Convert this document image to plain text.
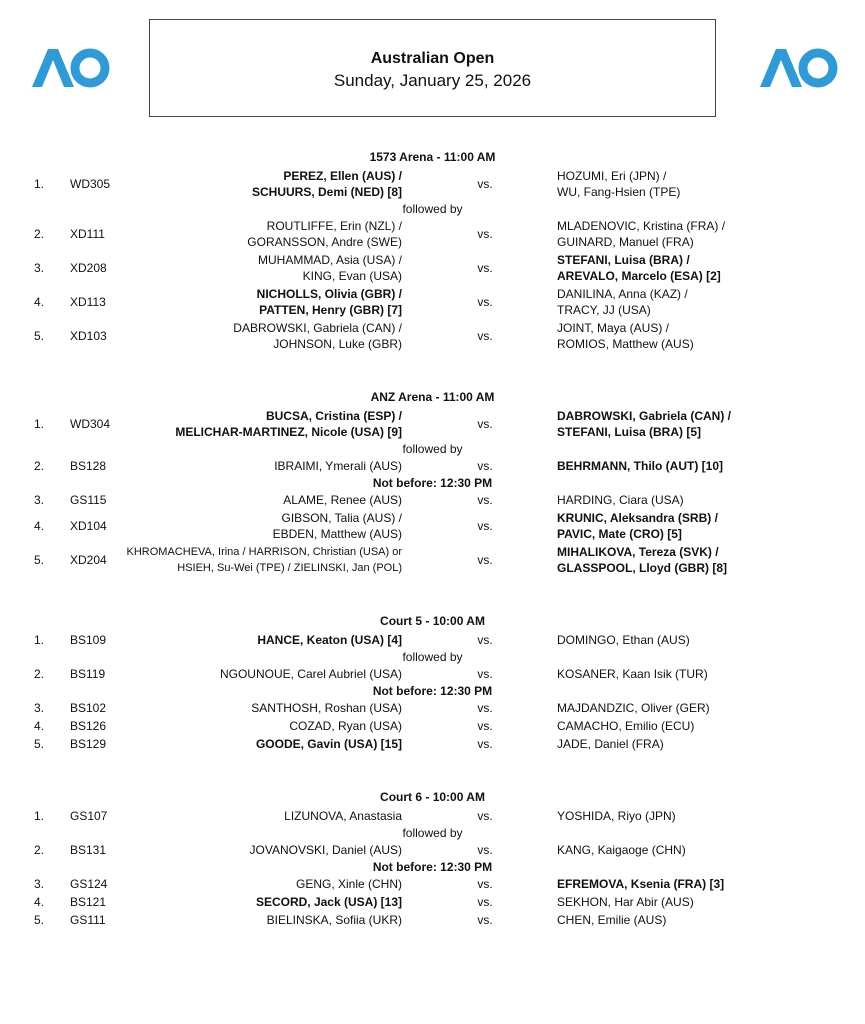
Australian Open
Sunday, January 25, 2026
1573 Arena - 11:00 AM
1.	WD305
PEREZ, Ellen (AUS) /
SCHUURS, Demi (NED) [8]
vs.
HOZUMI, Eri (JPN) /
WU, Fang-Hsien (TPE)
followed by
2.	XD111
ROUTLIFFE, Erin (NZL) /
GORANSSON, Andre (SWE)
vs.
MLADENOVIC, Kristina (FRA) /
GUINARD, Manuel (FRA)
3.	XD208
MUHAMMAD, Asia (USA) /
KING, Evan (USA)
vs.
STEFANI, Luisa (BRA) /
AREVALO, Marcelo (ESA) [2]
4.	XD113
NICHOLLS, Olivia (GBR) /
PATTEN, Henry (GBR) [7]
vs.
DANILINA, Anna (KAZ) /
TRACY, JJ (USA)
5.	XD103
DABROWSKI, Gabriela (CAN) /
JOHNSON, Luke (GBR)
vs.
JOINT, Maya (AUS) /
ROMIOS, Matthew (AUS)
ANZ Arena - 11:00 AM
1.	WD304
BUCSA, Cristina (ESP) /
MELICHAR-MARTINEZ, Nicole (USA) [9]
vs.
DABROWSKI, Gabriela (CAN) /
STEFANI, Luisa (BRA) [5]
followed by
2.	BS128	IBRAIMI, Ymerali (AUS)	vs.	BEHRMANN, Thilo (AUT) [10]
Not before: 12:30 PM
3.	GS115	ALAME, Renee (AUS)	vs.	HARDING, Ciara (USA)
4.	XD104
GIBSON, Talia (AUS) /
EBDEN, Matthew (AUS)
vs.
KRUNIC, Aleksandra (SRB) /
PAVIC, Mate (CRO) [5]
5.	XD204
KHROMACHEVA, Irina / HARRISON, Christian (USA) or
HSIEH, Su-Wei (TPE) / ZIELINSKI, Jan (POL)
vs.
MIHALIKOVA, Tereza (SVK) /
GLASSPOOL, Lloyd (GBR) [8]
Court 5 - 10:00 AM
1.	BS109	HANCE, Keaton (USA) [4]	vs.	DOMINGO, Ethan (AUS)
followed by
2.	BS119	NGOUNOUE, Carel Aubriel (USA)	vs.	KOSANER, Kaan Isik (TUR)
Not before: 12:30 PM
3.	BS102	SANTHOSH, Roshan (USA)	vs.	MAJDANDZIC, Oliver (GER)
4.	BS126	COZAD, Ryan (USA)	vs.	CAMACHO, Emilio (ECU)
5.	BS129	GOODE, Gavin (USA) [15]	vs.	JADE, Daniel (FRA)
Court 6 - 10:00 AM
1.	GS107	LIZUNOVA, Anastasia	vs.	YOSHIDA, Riyo (JPN)
followed by
2.	BS131	JOVANOVSKI, Daniel (AUS)	vs.	KANG, Kaigaoge (CHN)
Not before: 12:30 PM
3.	GS124	GENG, Xinle (CHN)	vs.	EFREMOVA, Ksenia (FRA) [3]
4.	BS121	SECORD, Jack (USA) [13]	vs.	SEKHON, Har Abir (AUS)
5.	GS111	BIELINSKA, Sofiia (UKR)	vs.	CHEN, Emilie (AUS)
